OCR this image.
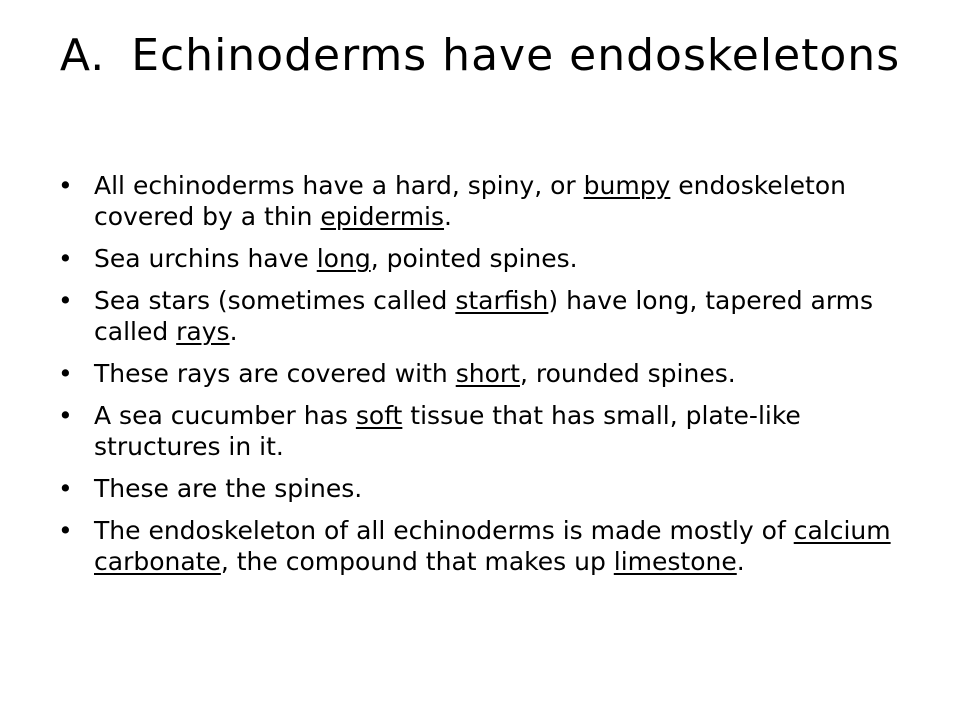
A. Echinoderms have endoskeletons
• All echinoderms have a hard, spiny, or bumpy endoskeleton covered by a thin epidermis.
• Sea urchins have long, pointed spines.
• Sea stars (sometimes called starfish) have long, tapered arms called rays.
• These rays are covered with short, rounded spines.
• A sea cucumber has soft tissue that has small, plate-like structures in it.
• These are the spines.
• The endoskeleton of all echinoderms is made mostly of calcium carbonate, the compound that makes up limestone.
